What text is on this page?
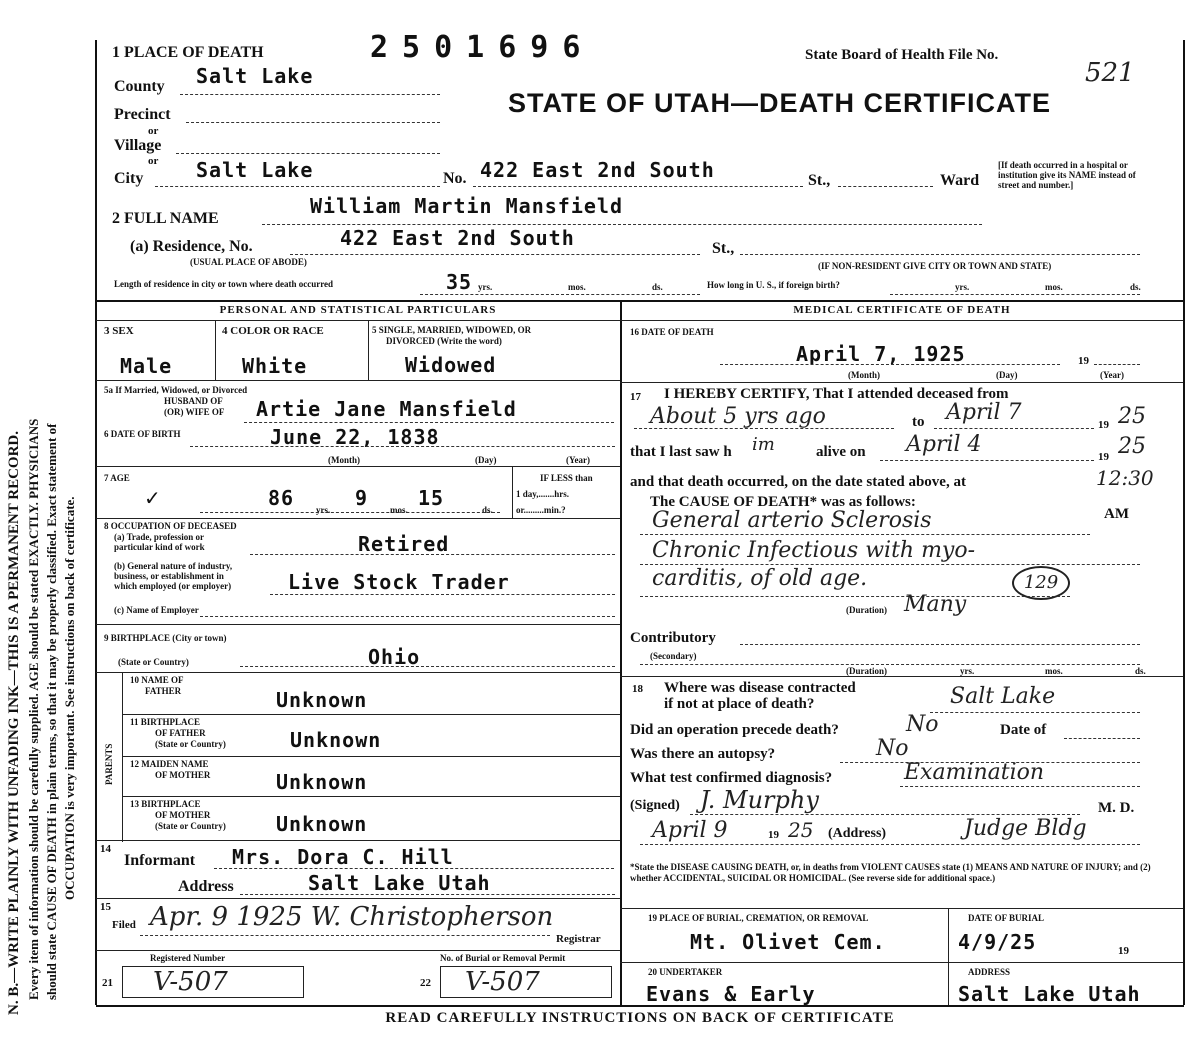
N. B.—WRITE PLAINLY WITH UNFADING INK—THIS IS A PERMANENT RECORD. Every item of information should be carefully supplied. AGE should be stated EXACTLY. PHYSICIANS should state CAUSE OF DEATH in plain terms, so that it may be properly classified. Exact statement of OCCUPATION is very important. See instructions on back of certificate.
1 PLACE OF DEATH	2501696	State Board of Health File No.
521
STATE OF UTAH—DEATH CERTIFICATE
County Salt Lake
Precinct
or
Village
or
City	Salt Lake	No. 422 East 2nd South	St.,	Ward
[If death occurred in a hospital or institution give its NAME instead of street and number.]
2 FULL NAME
William Martin Mansfield
(a) Residence, No.
(USUAL PLACE OF ABODE)
422 East 2nd South	St.,
(IF NON-RESIDENT GIVE CITY OR TOWN AND STATE)
Length of residence in city or town where death occurred	35 yrs.	mos.	ds.	How long in U. S., if foreign birth?	yrs.	mos.	ds.
PERSONAL AND STATISTICAL PARTICULARS	MEDICAL CERTIFICATE OF DEATH
3 SEX
Male
4 COLOR OR RACE
White
5 SINGLE, MARRIED, WIDOWED, OR
DIVORCED (Write the word)
Widowed
5a If Married, Widowed, or Divorced
HUSBAND OF
(OR) WIFE OF Artie Jane Mansfield
6 DATE OF BIRTH	June 22, 1838
(Month)	(Day)	(Year)
7 AGE
✓	86 yrs. 9 mos. 15	ds.
IF LESS than
1 day,.......hrs.
or.........min.?
8 OCCUPATION OF DECEASED
(a) Trade, profession or
particular kind of work	Retired
(b) General nature of industry,
business, or establishment in
which employed (or employer)	Live Stock Trader
(c) Name of Employer
9 BIRTHPLACE (City or town)
(State or Country)	Ohio
PARENTS
10 NAME OF
FATHER	Unknown
11 BIRTHPLACE
OF FATHER
(State or Country)	Unknown
12 MAIDEN NAME
OF MOTHER	Unknown
13 BIRTHPLACE
OF MOTHER
(State or Country)	Unknown
14
Informant Mrs. Dora C. Hill
Address	Salt Lake Utah
15
Filed Apr. 9 1925 W. Christopherson
Registrar
Registered Number
21 V-507
No. of Burial or Removal Permit
22 V-507
16 DATE OF DEATH
April 7, 1925	19
(Month)	(Day)	(Year)
17 I HEREBY CERTIFY, That I attended deceased from
About 5 yrs ago	to April 7	19 25
that I last saw h im	alive on April 4	19 25
and that death occurred, on the date stated above, at	12:30
The CAUSE OF DEATH* was as follows:
AM
General arterio Sclerosis
Chronic Infectious with myo-
carditis, of old age.	129
(Duration) Many
Contributory
(Secondary)
(Duration)	yrs.	mos.	ds.
18 Where was disease contracted
if not at place of death?	Salt Lake
Did an operation precede death?	No	Date of
Was there an autopsy?	No
What test confirmed diagnosis?	Examination
(Signed) J. Murphy	M. D.
April 9	19 25 (Address)	Judge Bldg
*State the DISEASE CAUSING DEATH, or, in deaths from VIOLENT CAUSES state (1) MEANS AND NATURE OF INJURY; and (2) whether ACCIDENTAL, SUICIDAL OR HOMICIDAL. (See reverse side for additional space.)
19 PLACE OF BURIAL, CREMATION, OR REMOVAL
Mt. Olivet Cem.
DATE OF BURIAL
4/9/25	19
20 UNDERTAKER
Evans & Early
ADDRESS
Salt Lake Utah
READ CAREFULLY INSTRUCTIONS ON BACK OF CERTIFICATE
